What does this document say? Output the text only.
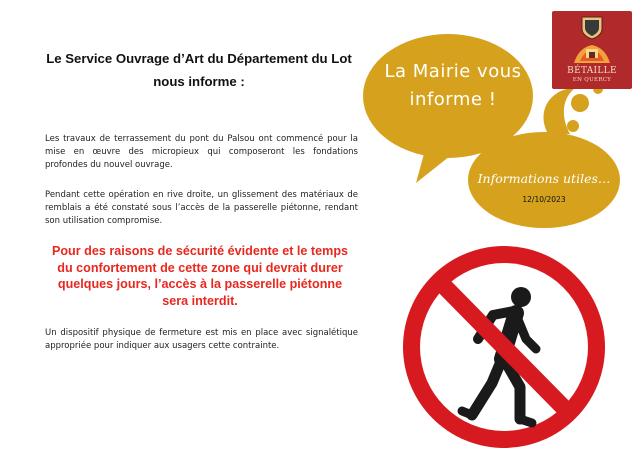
Le Service Ouvrage d’Art du Département du Lot nous informe :
Les travaux de terrassement du pont du Palsou ont commencé pour la mise en œuvre des micropieux qui composeront les fondations profondes du nouvel ouvrage.
Pendant cette opération en rive droite, un glissement des matériaux de remblais a été constaté sous l’accès de la passerelle piétonne, rendant son utilisation compromise.
Pour des raisons de sécurité évidente et le temps du confortement de cette zone qui devrait durer quelques jours, l’accès à la passerelle piétonne sera interdit.
Un dispositif physique de fermeture est mis en place avec signalétique appropriée pour indiquer aux usagers cette contrainte.
La Mairie vous
informe !
Informations utiles…
12/10/2023
BÉTAILLE
EN QUERCY
